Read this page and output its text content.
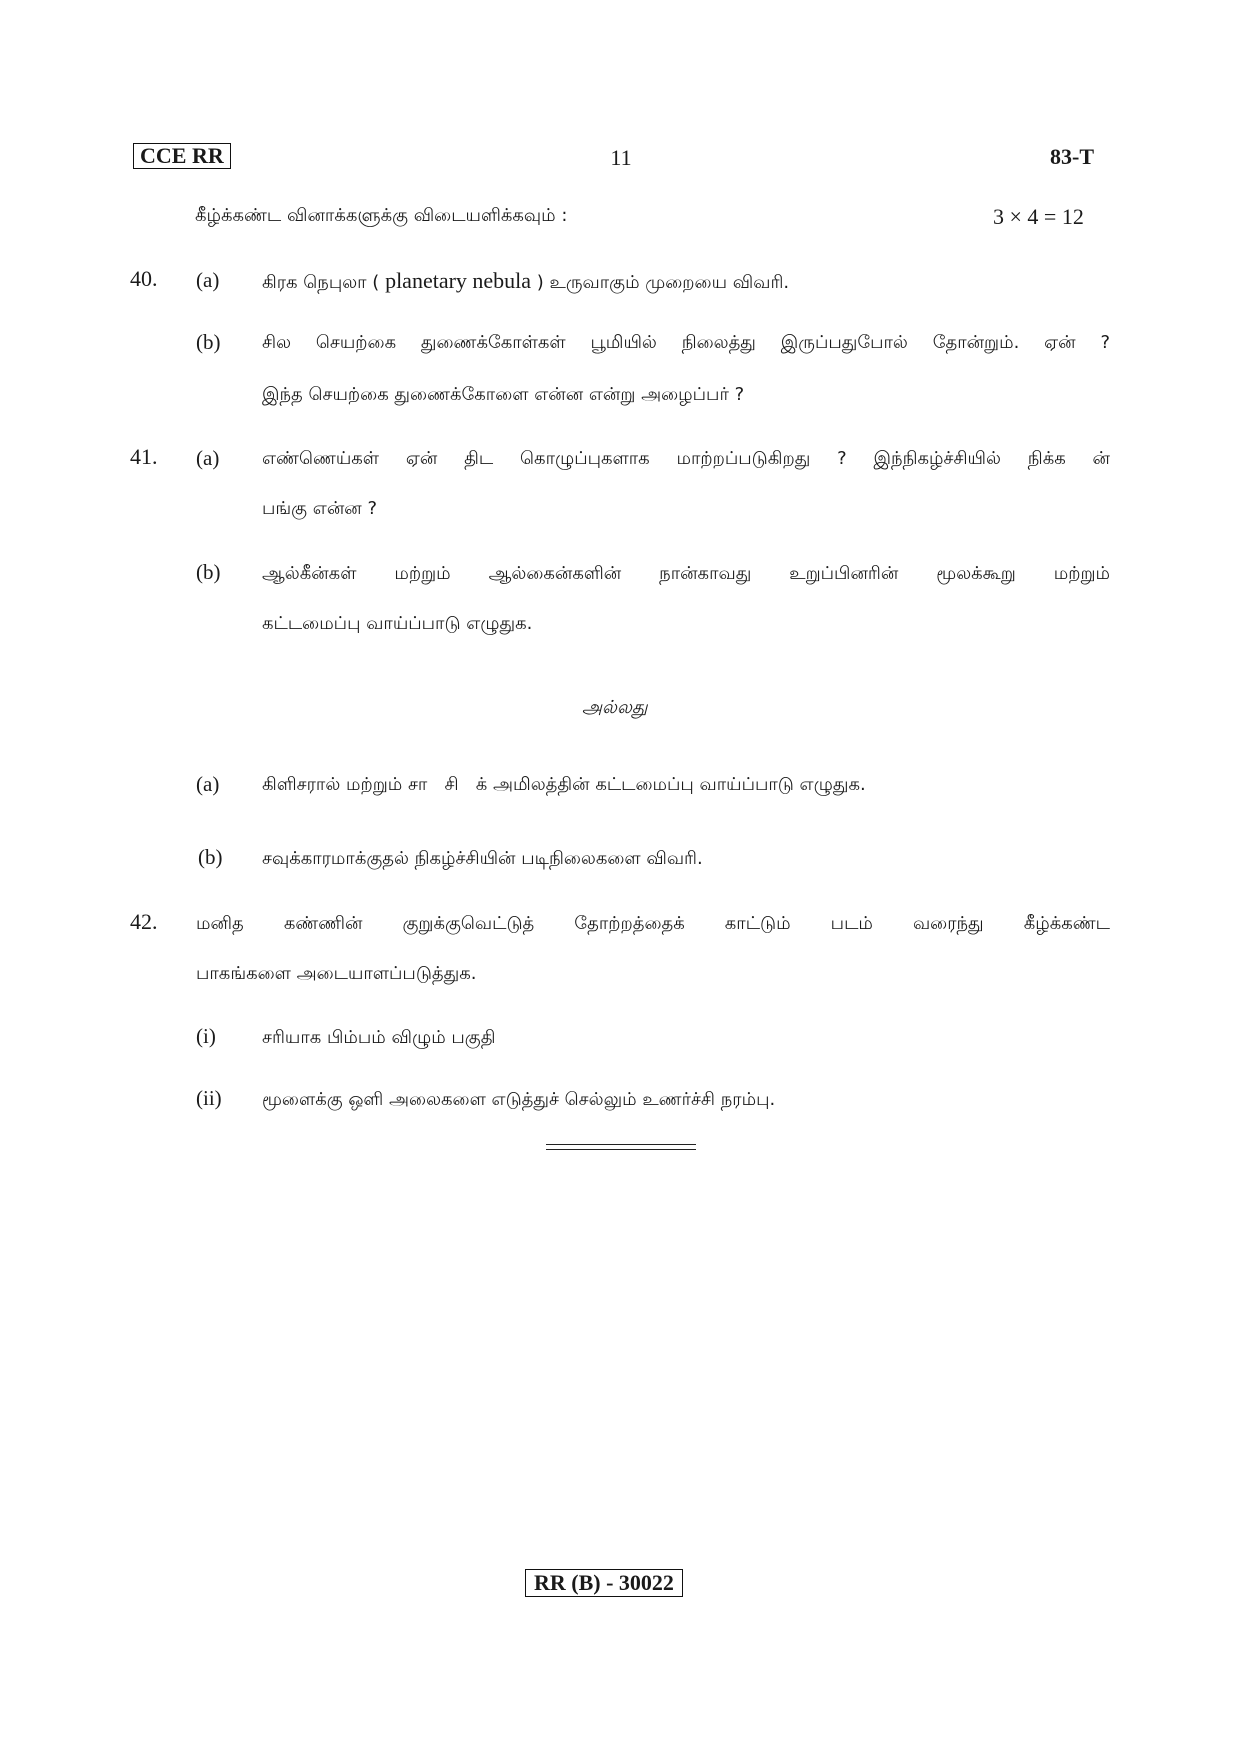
CCE RR	11	83-T
கீழ்க்கண்ட வினாக்களுக்கு விடையளிக்கவும் :	3 × 4 = 12
40. (a) கிரக நெபுலா ( planetary nebula ) உருவாகும் முறையை விவரி.
(b) சில செயற்கை துணைக்கோள்கள் பூமியில் நிலைத்து இருப்பதுபோல் தோன்றும். ஏன் ?
இந்த செயற்கை துணைக்கோளை என்ன என்று அழைப்பர் ?
41. (a) எண்ணெய்கள் ஏன் திட கொழுப்புகளாக மாற்றப்படுகிறது ? இந்நிகழ்ச்சியில் நிக்க ன்
பங்கு என்ன ?
(b) ஆல்கீன்கள் மற்றும் ஆல்கைன்களின் நான்காவது உறுப்பினரின் மூலக்கூறு மற்றும்
கட்டமைப்பு வாய்ப்பாடு எழுதுக.
அல்லது
(a) கிளிசரால் மற்றும் சா   சி   க் அமிலத்தின் கட்டமைப்பு வாய்ப்பாடு எழுதுக.
(b) சவுக்காரமாக்குதல் நிகழ்ச்சியின் படிநிலைகளை விவரி.
42. மனித கண்ணின் குறுக்குவெட்டுத் தோற்றத்தைக் காட்டும் படம் வரைந்து கீழ்க்கண்ட
பாகங்களை அடையாளப்படுத்துக.
(i)	சரியாக பிம்பம் விழும் பகுதி
(ii) மூளைக்கு ஒளி அலைகளை எடுத்துச் செல்லும் உணர்ச்சி நரம்பு.
RR (B) - 30022
